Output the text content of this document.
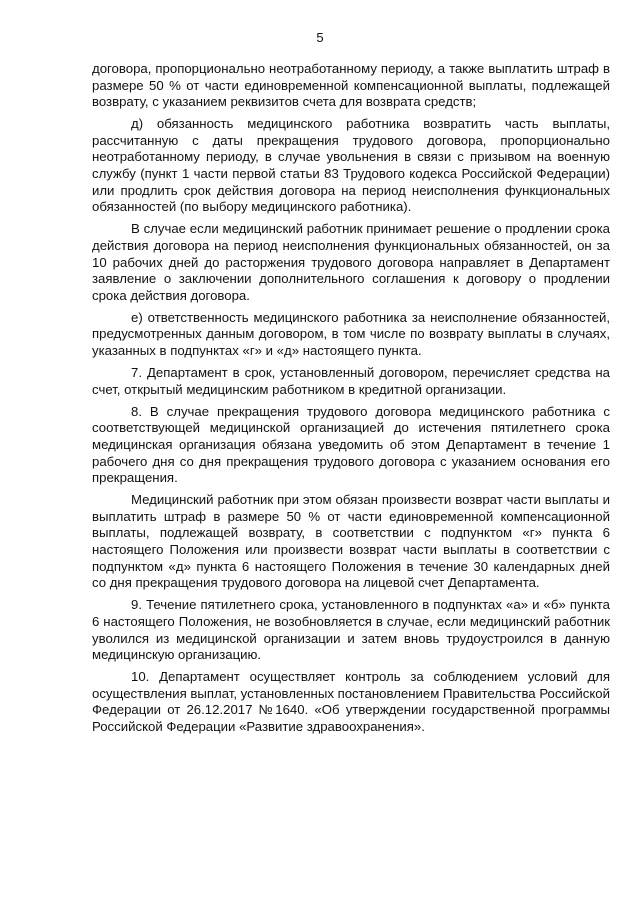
5

договора, пропорционально неотработанному периоду, а также выплатить штраф в размере 50 % от части единовременной компенсационной выплаты, подлежащей возврату, с указанием реквизитов счета для возврата средств;

д) обязанность медицинского работника возвратить часть выплаты, рассчитанную с даты прекращения трудового договора, пропорционально неотработанному периоду, в случае увольнения в связи с призывом на военную службу (пункт 1 части первой статьи 83 Трудового кодекса Российской Федерации) или продлить срок действия договора на период неисполнения функциональных обязанностей (по выбору медицинского работника).

В случае если медицинский работник принимает решение о продлении срока действия договора на период неисполнения функциональных обязанностей, он за 10 рабочих дней до расторжения трудового договора направляет в Департамент заявление о заключении дополнительного соглашения к договору о продлении срока действия договора.

е) ответственность медицинского работника за неисполнение обязанностей, предусмотренных данным договором, в том числе по возврату выплаты в случаях, указанных в подпунктах «г» и «д» настоящего пункта.

7. Департамент в срок, установленный договором, перечисляет средства на счет, открытый медицинским работником в кредитной организации.

8. В случае прекращения трудового договора медицинского работника с соответствующей медицинской организацией до истечения пятилетнего срока медицинская организация обязана уведомить об этом Департамент в течение 1 рабочего дня со дня прекращения трудового договора с указанием основания его прекращения.

Медицинский работник при этом обязан произвести возврат части выплаты и выплатить штраф в размере 50 % от части единовременной компенсационной выплаты, подлежащей возврату, в соответствии с подпунктом «г» пункта 6 настоящего Положения или произвести возврат части выплаты в соответствии с подпунктом «д» пункта 6 настоящего Положения в течение 30 календарных дней со дня прекращения трудового договора на лицевой счет Департамента.

9. Течение пятилетнего срока, установленного в подпунктах «а» и «б» пункта 6 настоящего Положения, не возобновляется в случае, если медицинский работник уволился из медицинской организации и затем вновь трудоустроился в данную медицинскую организацию.

10. Департамент осуществляет контроль за соблюдением условий для осуществления выплат, установленных постановлением Правительства Российской Федерации от 26.12.2017 №1640. «Об утверждении государственной программы Российской Федерации «Развитие здравоохранения».
